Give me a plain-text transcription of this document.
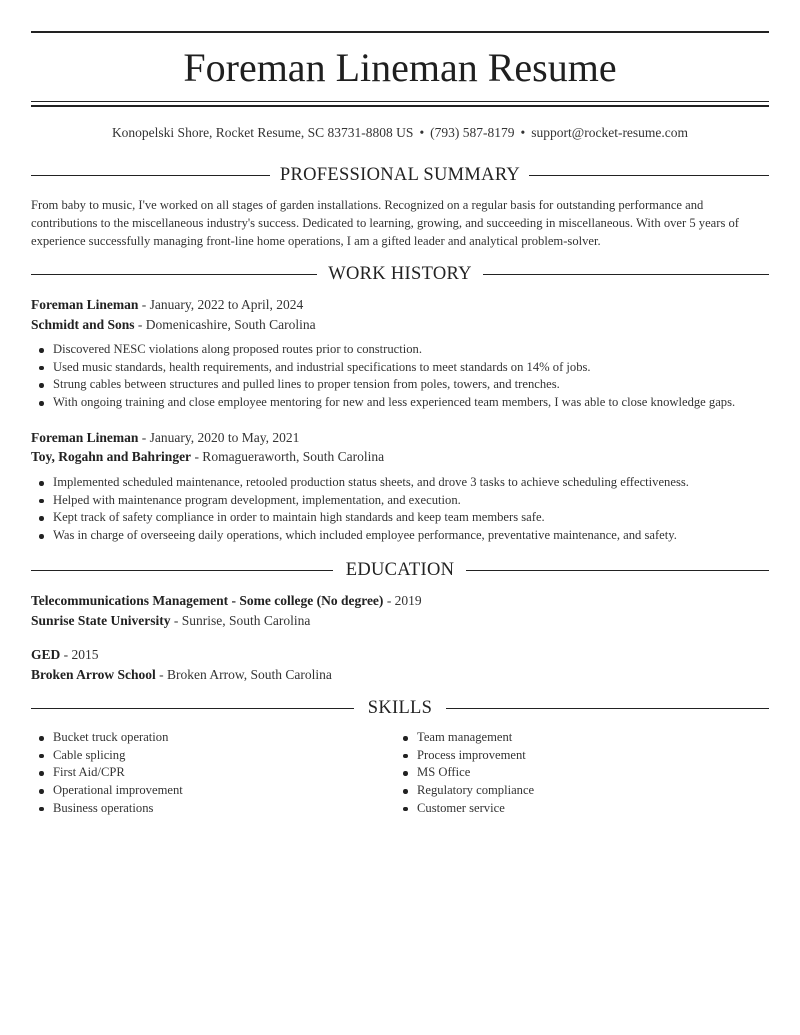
Foreman Lineman Resume
Konopelski Shore, Rocket Resume, SC 83731-8808 US • (793) 587-8179 • support@rocket-resume.com
PROFESSIONAL SUMMARY

From baby to music, I've worked on all stages of garden installations. Recognized on a regular basis for outstanding performance and contributions to the miscellaneous industry's success. Dedicated to learning, growing, and succeeding in miscellaneous. With over 5 years of experience successfully managing front-line home operations, I am a gifted leader and analytical problem-solver.

WORK HISTORY
Foreman Lineman - January, 2022 to April, 2024
Schmidt and Sons - Domenicashire, South Carolina
Discovered NESC violations along proposed routes prior to construction.
Used music standards, health requirements, and industrial specifications to meet standards on 14% of jobs.
Strung cables between structures and pulled lines to proper tension from poles, towers, and trenches.
With ongoing training and close employee mentoring for new and less experienced team members, I was able to close knowledge gaps.
Foreman Lineman - January, 2020 to May, 2021
Toy, Rogahn and Bahringer - Romagueraworth, South Carolina
Implemented scheduled maintenance, retooled production status sheets, and drove 3 tasks to achieve scheduling effectiveness.
Helped with maintenance program development, implementation, and execution.
Kept track of safety compliance in order to maintain high standards and keep team members safe.
Was in charge of overseeing daily operations, which included employee performance, preventative maintenance, and safety.
EDUCATION
Telecommunications Management - Some college (No degree) - 2019
Sunrise State University - Sunrise, South Carolina
GED - 2015
Broken Arrow School - Broken Arrow, South Carolina
SKILLS
Bucket truck operation
Cable splicing
First Aid/CPR
Operational improvement
Business operations
Team management
Process improvement
MS Office
Regulatory compliance
Customer service
